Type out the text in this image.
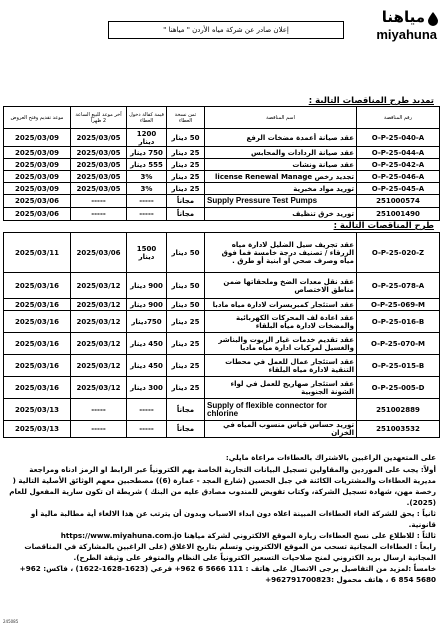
إعلان صادر عن شركة مياه الأردن " مياهنا "
مياهنا
miyahuna
تمديد طرح المناقصات التالية :
موعد تقديم وفتح العروض	آخر موعد للبيع الساعة 2 ظهراً	قيمة كفالة دخول العطاء	ثمن نسخة العطاء	اسم المناقصة	رقم المناقصة
2025/03/09	2025/03/05	1200 دينار	50 دينار	عقد صيانة أعمدة مضخات الرفع	O-P-25-040-A
2025/03/09	2025/03/05	750 دينار	25 دينار	عقد صيانة الردادات والمحابس	O-P-25-044-A
2025/03/09	2025/03/05	555 دينار	25 دينار	عقد صيانة ونشات	O-P-25-042-A
2025/03/09	2025/03/05	3%	25 دينار	تجديد رخص license Renewal Manage	O-P-25-046-A
2025/03/09	2025/03/05	3%	25 دينار	توريد مواد مخبرية	O-P-25-045-A
2025/03/06	-----	-----	مجاناً	Supply Pressure Test Pumps	251000574
2025/03/06	-----	-----	مجاناً	توريد خرق تنظيف	251001490
طرح المناقصات التالية :
2025/03/11	2025/03/06	1500 دينار	50 دينار	عقد تجريف سيل الضليل لادارة مياه الزرقاء / تصنيف درجة خامسة فما فوق مياه وصرف صحي او ابنية أو طرق .	O-P-25-020-Z
2025/03/16	2025/03/12	900 دينار	50 دينار	عقد نقل معدات الضخ وملحقاتها ضمن مناطق الاختصاص	O-P-25-078-A
2025/03/16	2025/03/12	900 دينار	50 دينار	عقد استئجار كمبريسرات لادارة مياه مادبا	O-P-25-069-M
2025/03/16	2025/03/12	750دينار	25 دينار	عقد اعادة لف المحركات الكهربائية والمضخات لادارة مياه البلقاء	O-P-25-016-B
2025/03/16	2025/03/12	450 دينار	25 دينار	عقد تقديم خدمات غيار الزيوت والبناشر والغسيل لمركبات ادارة مياه مادبا	O-P-25-070-M
2025/03/16	2025/03/12	450 دينار	25 دينار	عقد استئجار عمال للعمل في محطات التنقية لادارة مياه البلقاء	O-P-25-015-B
2025/03/16	2025/03/12	300 دينار	25 دينار	عقد استئجار صهاريج للعمل في لواء الشونة الجنوبية	O-P-25-005-D
2025/03/13	-----	-----	مجاناً	Supply of flexible connector for chlorine	251002889
2025/03/13	-----	-----	مجاناً	توريد حساس قياس منسوب المياه في الخزان	251003532

على المتعهدين الراغبين بالاشتراك بالعطاءات مراعاة مايلي:

أولاً: يجب على الموردين والمقاولين تسجيل البيانات التجارية الخاصة بهم الكترونياً عبر الرابط او الرمز ادناه ومراجعة مديرية العطاءات والمشتريات الكائنة في جبل الحسين (شارع المجد - عمارة (6)) مصطحبين معهم الوثائق الأصلية التالية ( رخصة مهن، شهادة تسجيل الشركة، وكتاب تفويض للمندوب مصادق عليه من البنك ) شريطة ان تكون سارية المفعول للعام (2025).

ثانياً : يحق للشركة الغاء العطاءات المبينة اعلاه دون ابداء الاسباب وبدون أن يترتب عن هذا الالغاء أية مطالبة مالية أو قانونية.

ثالثاً : للاطلاع على نسخ العطاءات زيارة الموقع الالكتروني لشركة مياهنا https://www.miyahuna.com.jo

رابعاً : العطاءات المجانية تسحب من الموقع الالكتروني وتسلم بتاريخ الاغلاق (على الراغبين بالمشاركة في المناقصات المجانية ارسال بريد الكتروني لمنح صلاحيات التسعير الكترونياً على النظام والمتوفر على وثيقة الطرح).

خامساً :لمزيد من التفاصيل يرجى الاتصال على هاتف : 111 5666 6 962+ فرعي (1623-1628-1622) ، فاكس: 962+ 5680 854 6 ، هاتف محمول :962791700823+

245085
